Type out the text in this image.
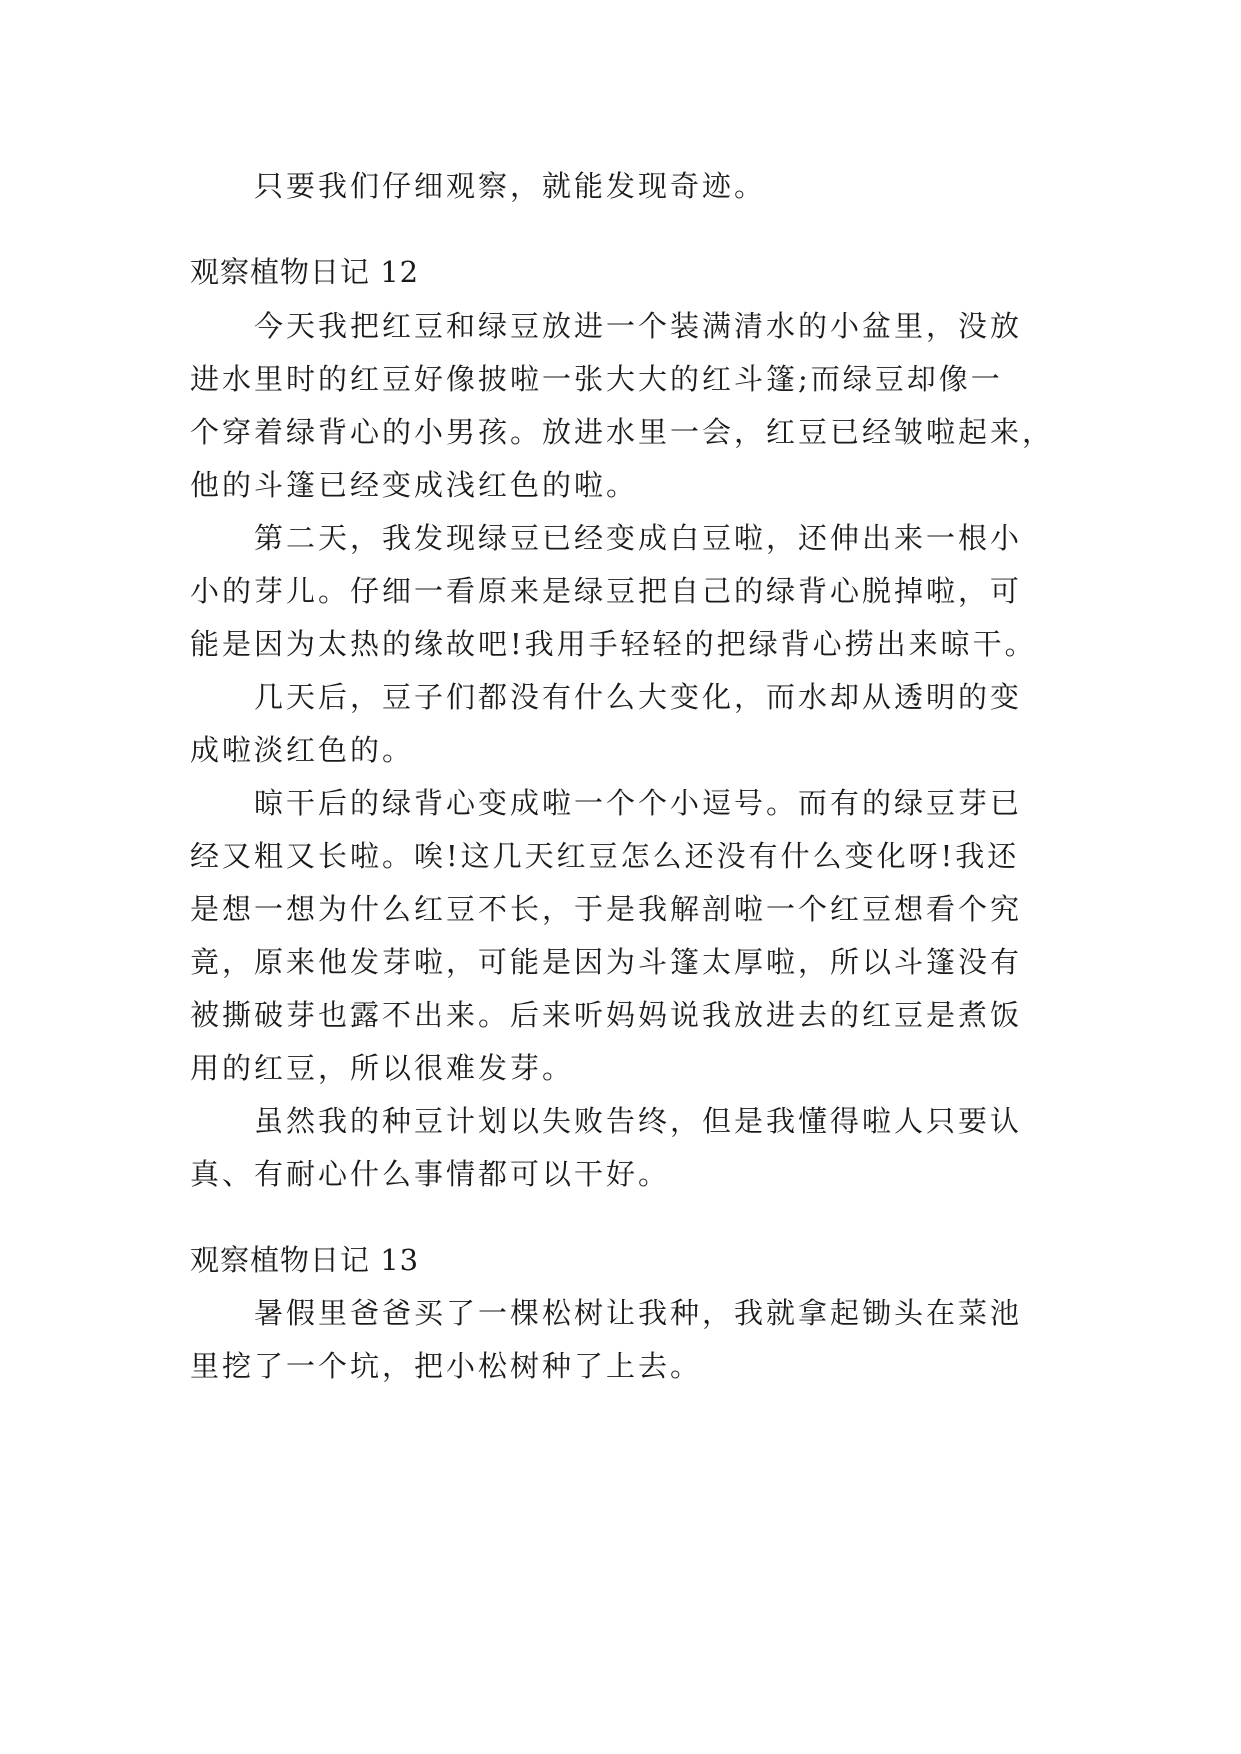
只要我们仔细观察，就能发现奇迹。
观察植物日记 12
今天我把红豆和绿豆放进一个装满清水的小盆里，没放
进水里时的红豆好像披啦一张大大的红斗篷;而绿豆却像一
个穿着绿背心的小男孩。放进水里一会，红豆已经皱啦起来，
他的斗篷已经变成浅红色的啦。
第二天，我发现绿豆已经变成白豆啦，还伸出来一根小
小的芽儿。仔细一看原来是绿豆把自己的绿背心脱掉啦，可
能是因为太热的缘故吧!我用手轻轻的把绿背心捞出来晾干。
几天后，豆子们都没有什么大变化，而水却从透明的变
成啦淡红色的。
晾干后的绿背心变成啦一个个小逗号。而有的绿豆芽已
经又粗又长啦。唉!这几天红豆怎么还没有什么变化呀!我还
是想一想为什么红豆不长，于是我解剖啦一个红豆想看个究
竟，原来他发芽啦，可能是因为斗篷太厚啦，所以斗篷没有
被撕破芽也露不出来。后来听妈妈说我放进去的红豆是煮饭
用的红豆，所以很难发芽。
虽然我的种豆计划以失败告终，但是我懂得啦人只要认
真、有耐心什么事情都可以干好。
观察植物日记 13
暑假里爸爸买了一棵松树让我种，我就拿起锄头在菜池
里挖了一个坑，把小松树种了上去。
